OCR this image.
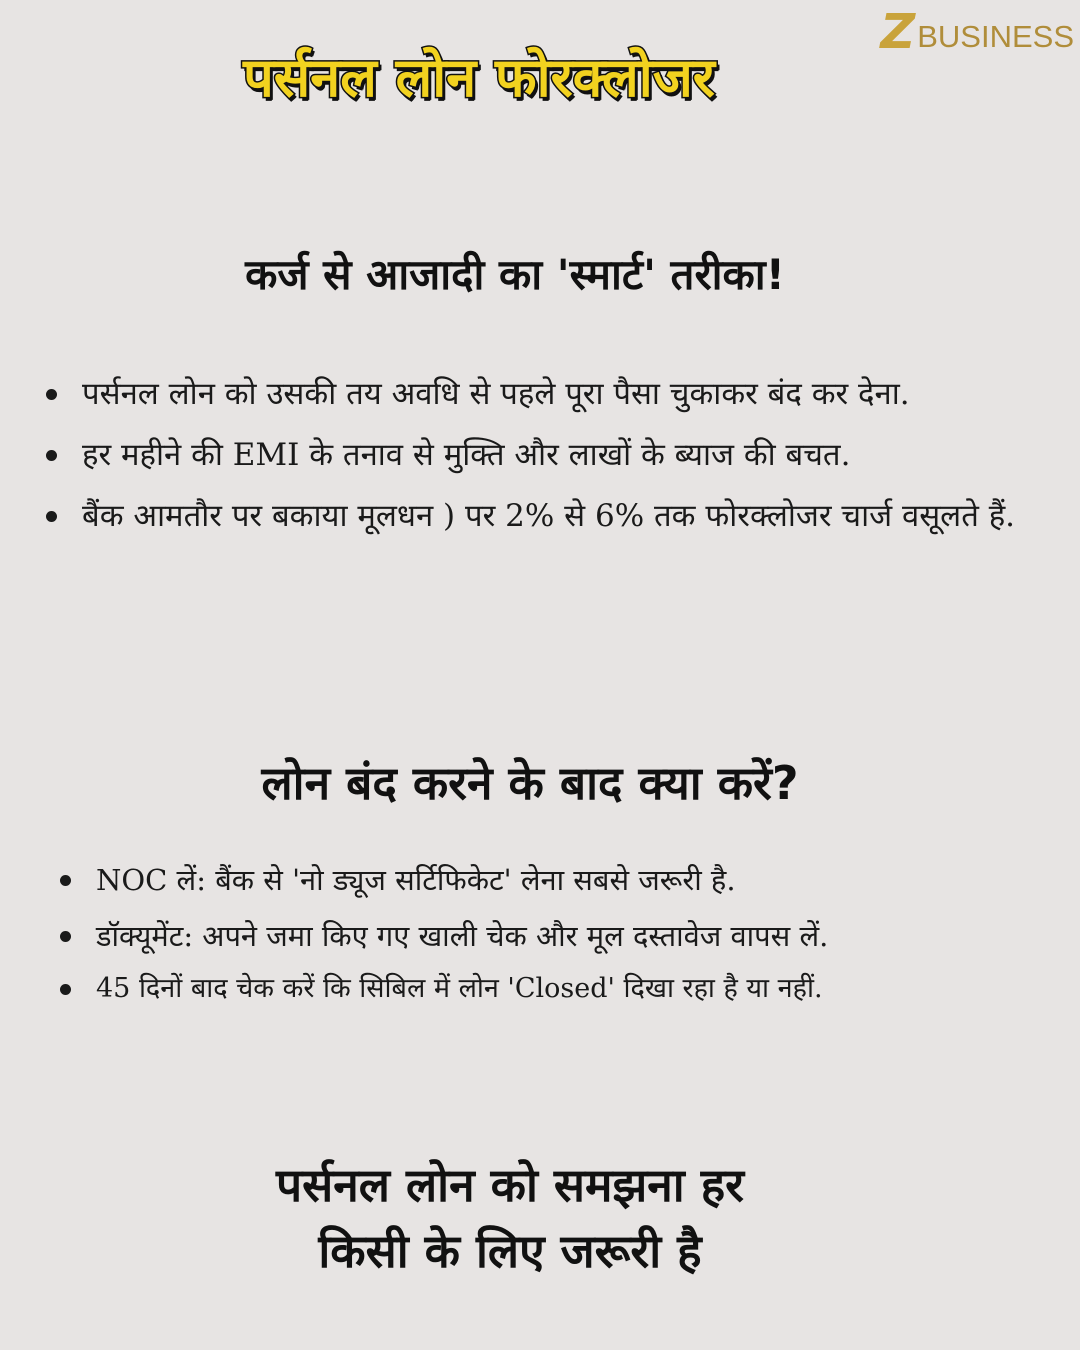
Z BUSINESS
पर्सनल लोन फोरक्लोजर
कर्ज से आजादी का 'स्मार्ट' तरीका!
पर्सनल लोन को उसकी तय अवधि से पहले पूरा पैसा चुकाकर बंद कर देना.
हर महीने की EMI के तनाव से मुक्ति और लाखों के ब्याज की बचत.
बैंक आमतौर पर बकाया मूलधन ) पर 2% से 6% तक फोरक्लोजर चार्ज वसूलते हैं.
लोन बंद करने के बाद क्या करें?
NOC लें: बैंक से 'नो ड्यूज सर्टिफिकेट' लेना सबसे जरूरी है.
डॉक्यूमेंट: अपने जमा किए गए खाली चेक और मूल दस्तावेज वापस लें.
45 दिनों बाद चेक करें कि सिबिल में लोन 'Closed' दिखा रहा है या नहीं.
पर्सनल लोन को समझना हर
किसी के लिए जरूरी है
